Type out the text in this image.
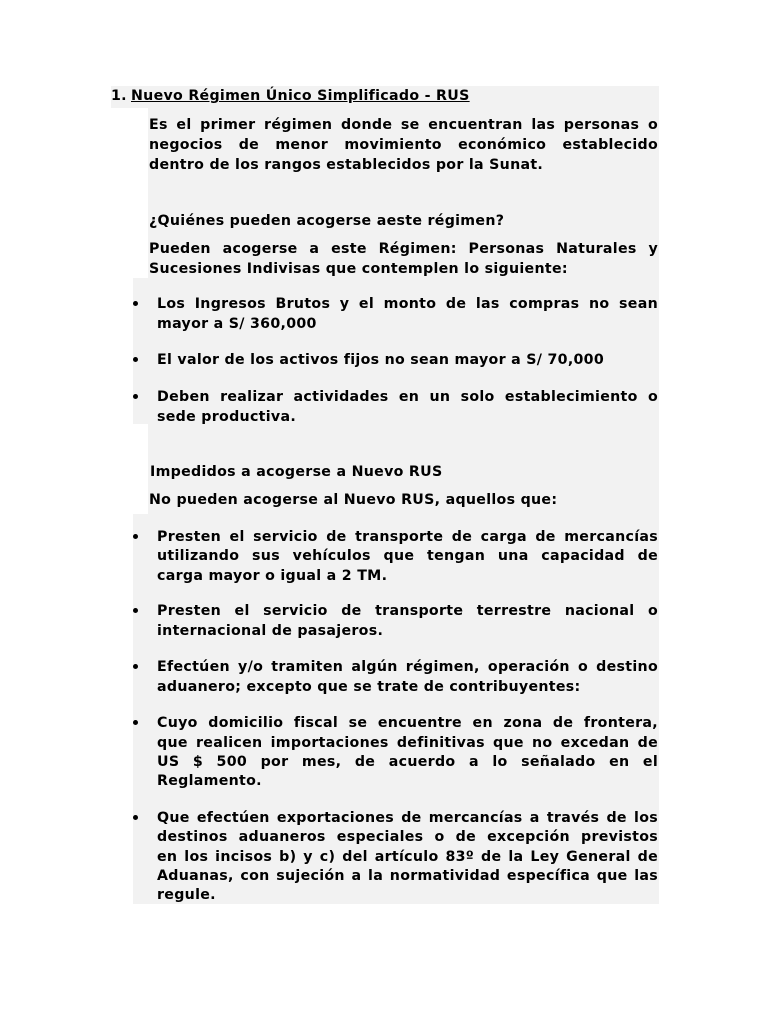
1. Nuevo Régimen Único Simplificado - RUS
Es el primer régimen donde se encuentran las personas o
negocios de menor movimiento económico establecido
dentro de los rangos establecidos por la Sunat.
¿Quiénes pueden acogerse aeste régimen?
Pueden acogerse a este Régimen: Personas Naturales y
Sucesiones Indivisas que contemplen lo siguiente:
Los Ingresos Brutos y el monto de las compras no sean
mayor a S/ 360,000
El valor de los activos fijos no sean mayor a S/ 70,000
Deben realizar actividades en un solo establecimiento o
sede productiva.
Impedidos a acogerse a Nuevo RUS
No pueden acogerse al Nuevo RUS, aquellos que:
Presten el servicio de transporte de carga de mercancías
utilizando sus vehículos que tengan una capacidad de
carga mayor o igual a 2 TM.
Presten el servicio de transporte terrestre nacional o
internacional de pasajeros.
Efectúen y/o tramiten algún régimen, operación o destino
aduanero; excepto que se trate de contribuyentes:
Cuyo domicilio fiscal se encuentre en zona de frontera,
que realicen importaciones definitivas que no excedan de
US $ 500 por mes, de acuerdo a lo señalado en el
Reglamento.
Que efectúen exportaciones de mercancías a través de los
destinos aduaneros especiales o de excepción previstos
en los incisos b) y c) del artículo 83º de la Ley General de
Aduanas, con sujeción a la normatividad específica que las
regule.
